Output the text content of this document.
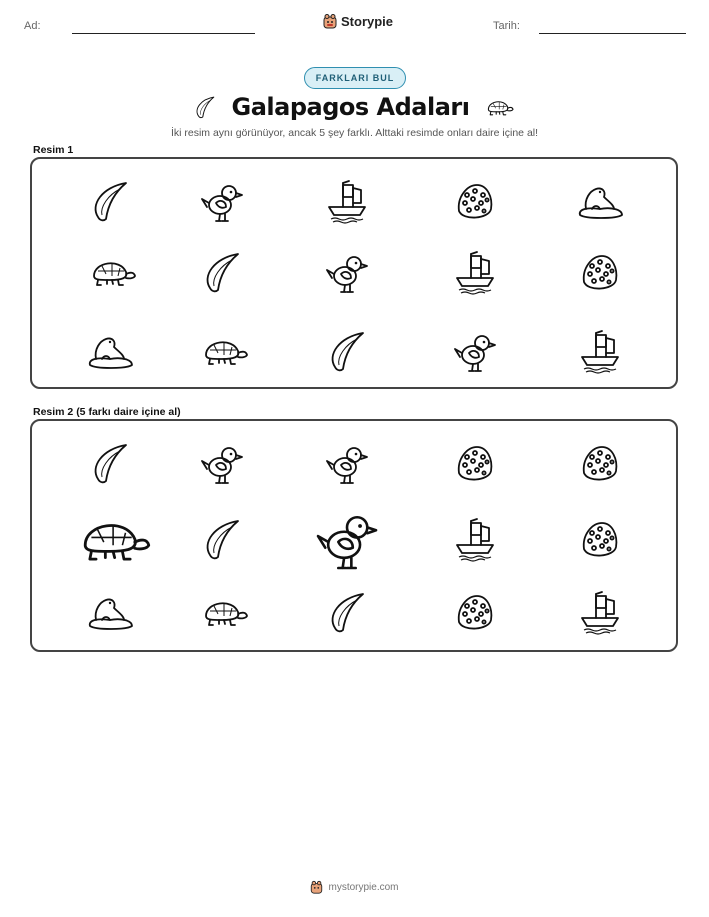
Ad:	Storypie	Tarih:
FARKLARI BUL
Galapagos Adaları
İki resim aynı görünüyor, ancak 5 şey farklı. Alttaki resimde onları daire içine al!
Resim 1
Resim 2 (5 farkı daire içine al)
mystorypie.com
